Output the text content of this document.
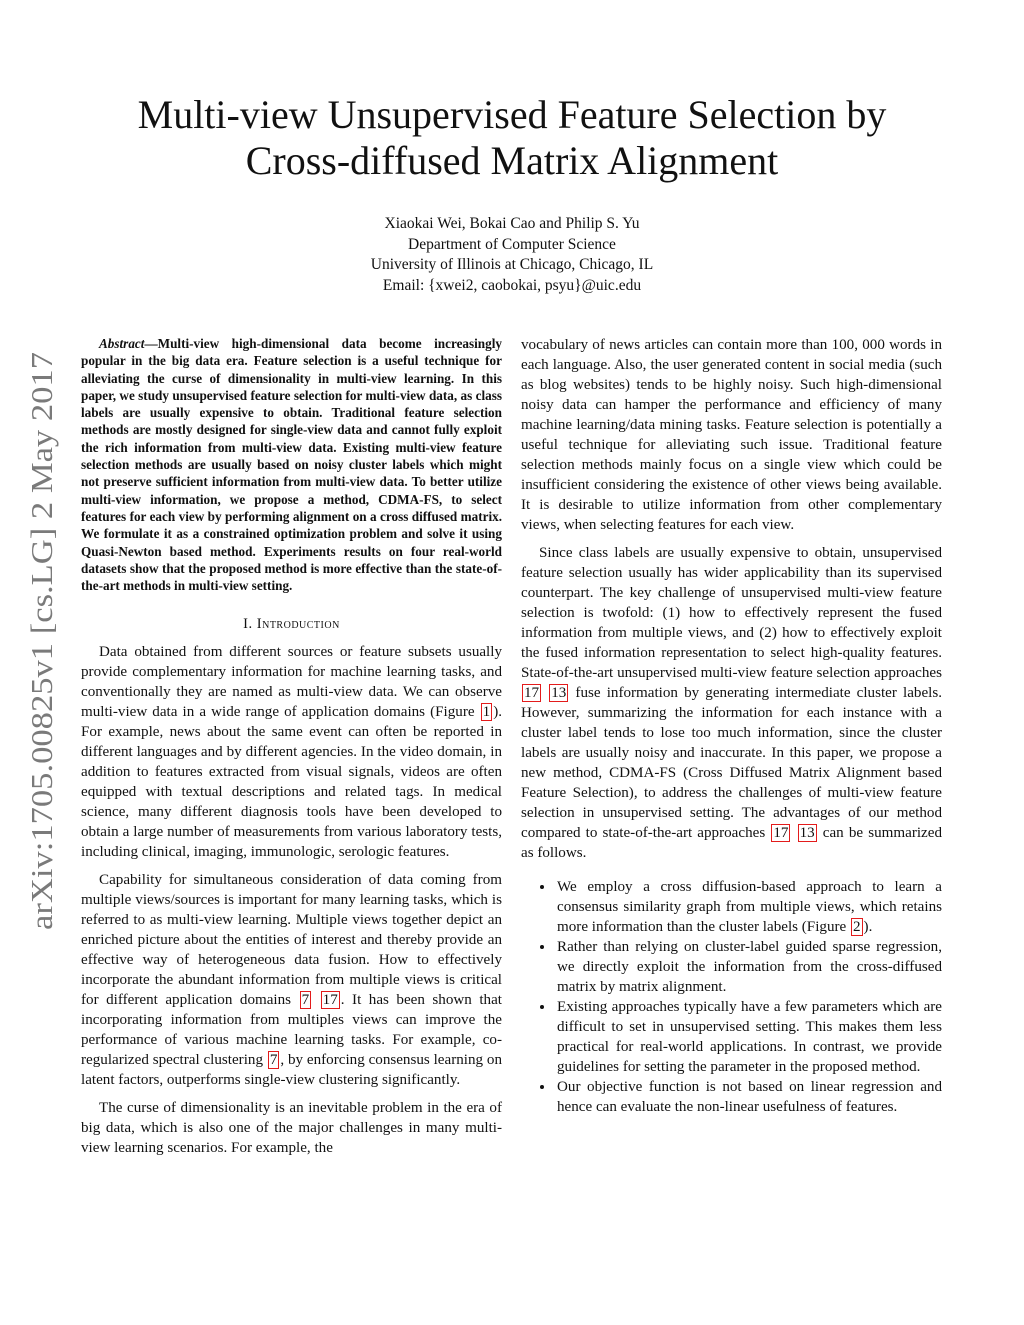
arXiv:1705.00825v1 [cs.LG] 2 May 2017
Multi-view Unsupervised Feature Selection by
Cross-diffused Matrix Alignment
Xiaokai Wei, Bokai Cao and Philip S. Yu
Department of Computer Science
University of Illinois at Chicago, Chicago, IL
Email: {xwei2, caobokai, psyu}@uic.edu

Abstract—Multi-view high-dimensional data become increasingly popular in the big data era. Feature selection is a useful technique for alleviating the curse of dimensionality in multi-view learning. In this paper, we study unsupervised feature selection for multi-view data, as class labels are usually expensive to obtain. Traditional feature selection methods are mostly designed for single-view data and cannot fully exploit the rich information from multi-view data. Existing multi-view feature selection methods are usually based on noisy cluster labels which might not preserve sufficient information from multi-view data. To better utilize multi-view information, we propose a method, CDMA-FS, to select features for each view by performing alignment on a cross diffused matrix. We formulate it as a constrained optimization problem and solve it using Quasi-Newton based method. Experiments results on four real-world datasets show that the proposed method is more effective than the state-of-the-art methods in multi-view setting.

I. Introduction

Data obtained from different sources or feature subsets usually provide complementary information for machine learning tasks, and conventionally they are named as multi-view data. We can observe multi-view data in a wide range of application domains (Figure 1 ). For example, news about the same event can often be reported in different languages and by different agencies. In the video domain, in addition to features extracted from visual signals, videos are often equipped with textual descriptions and related tags. In medical science, many different diagnosis tools have been developed to obtain a large number of measurements from various laboratory tests, including clinical, imaging, immunologic, serologic features.

Capability for simultaneous consideration of data coming from multiple views/sources is important for many learning tasks, which is referred to as multi-view learning. Multiple views together depict an enriched picture about the entities of interest and thereby provide an effective way of heterogeneous data fusion. How to effectively incorporate the abundant information from multiple views is critical for different application domains 7 17 . It has been shown that incorporating information from multiples views can improve the performance of various machine learning tasks. For example, co-regularized spectral clustering 7 , by enforcing consensus learning on latent factors, outperforms single-view clustering significantly.

The curse of dimensionality is an inevitable problem in the era of big data, which is also one of the major challenges in many multi-view learning scenarios. For example, the

vocabulary of news articles can contain more than 100, 000 words in each language. Also, the user generated content in social media (such as blog websites) tends to be highly noisy. Such high-dimensional noisy data can hamper the performance and efficiency of many machine learning/data mining tasks. Feature selection is potentially a useful technique for alleviating such issue. Traditional feature selection methods mainly focus on a single view which could be insufficient considering the existence of other views being available. It is desirable to utilize information from other complementary views, when selecting features for each view.

Since class labels are usually expensive to obtain, unsupervised feature selection usually has wider applicability than its supervised counterpart. The key challenge of unsupervised multi-view feature selection is twofold: (1) how to effectively represent the fused information from multiple views, and (2) how to effectively exploit the fused information representation to select high-quality features. State-of-the-art unsupervised multi-view feature selection approaches 17 13 fuse information by generating intermediate cluster labels. However, summarizing the information for each instance with a cluster label tends to lose too much information, since the cluster labels are usually noisy and inaccurate. In this paper, we propose a new method, CDMA-FS (Cross Diffused Matrix Alignment based Feature Selection), to address the challenges of multi-view feature selection in unsupervised setting. The advantages of our method compared to state-of-the-art approaches 17 13 can be summarized as follows.

• We employ a cross diffusion-based approach to learn a consensus similarity graph from multiple views, which retains more information than the cluster labels (Figure 2 ).
• Rather than relying on cluster-label guided sparse regression, we directly exploit the information from the cross-diffused matrix by matrix alignment.
• Existing approaches typically have a few parameters which are difficult to set in unsupervised setting. This makes them less practical for real-world applications. In contrast, we provide guidelines for setting the parameter in the proposed method.
• Our objective function is not based on linear regression and hence can evaluate the non-linear usefulness of features.
